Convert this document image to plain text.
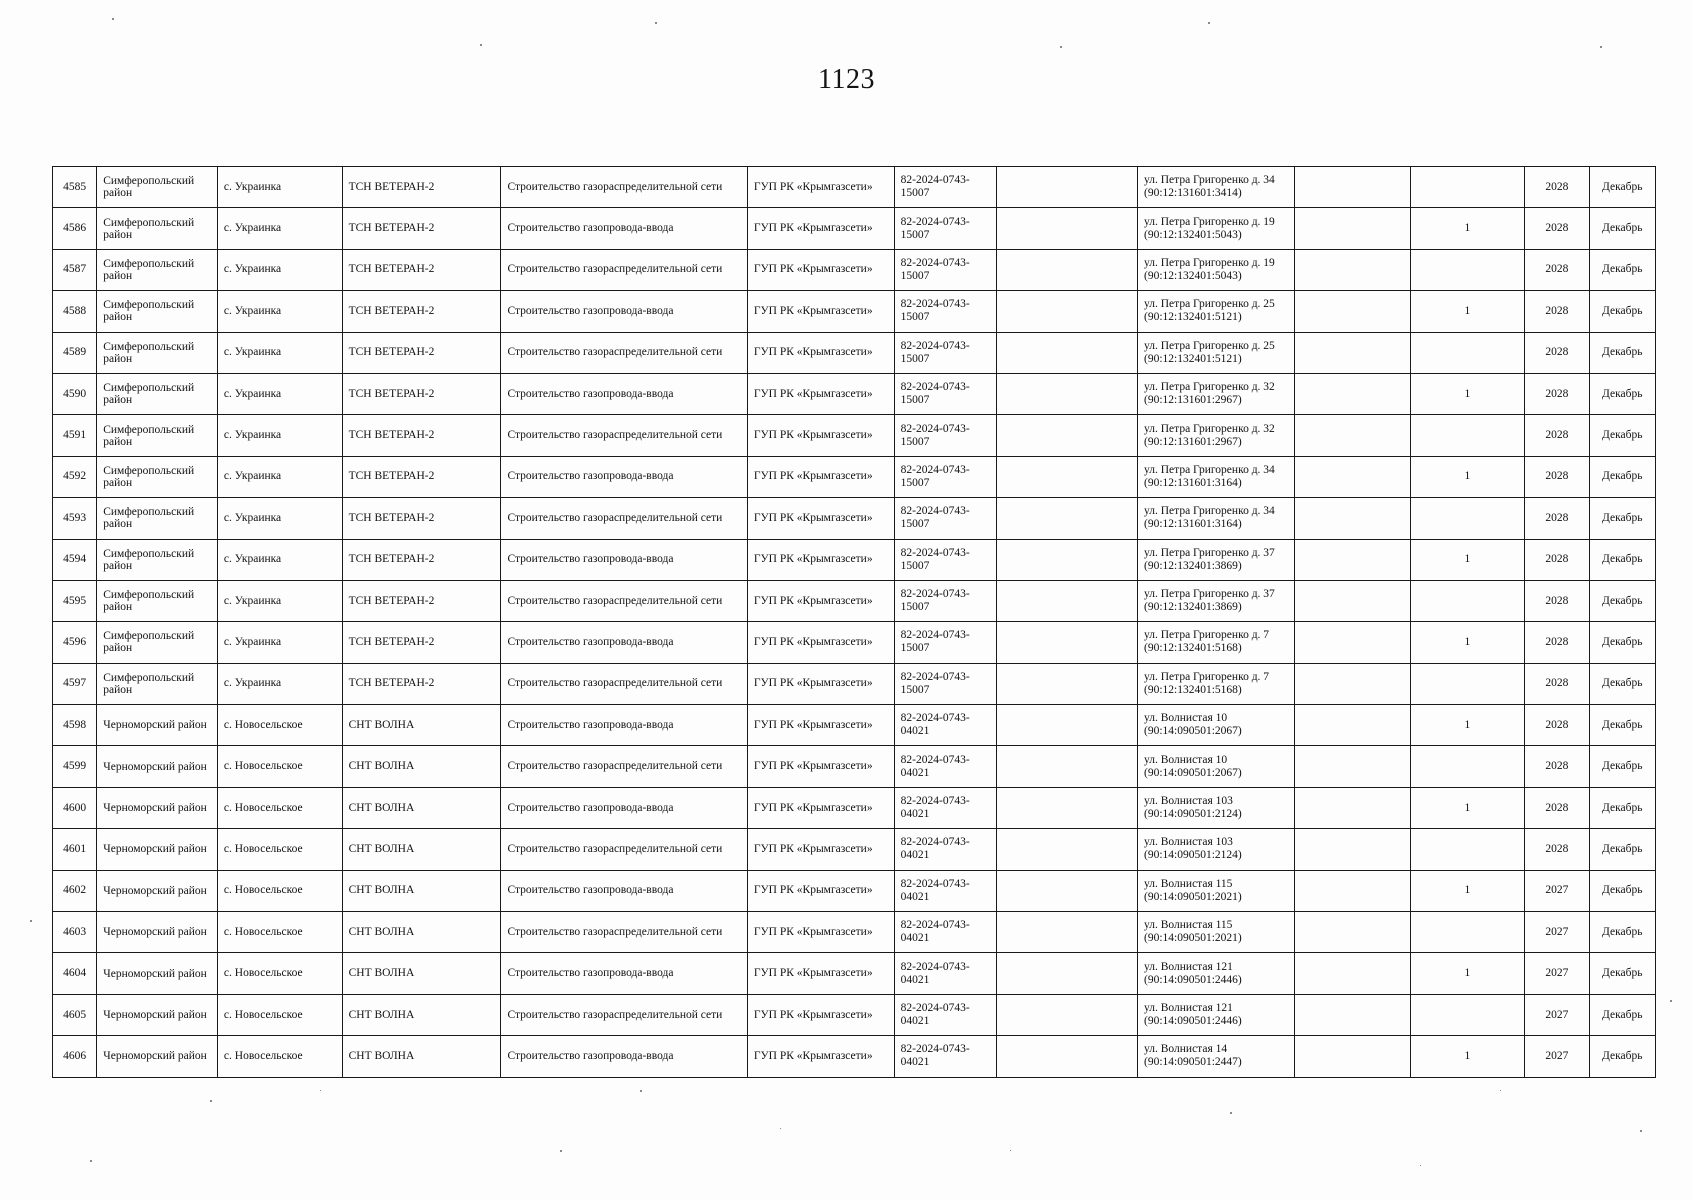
1123
4585	Симферопольский район	с. Украинка	ТСН ВЕТЕРАН-2	Строительство газораспределительной сети	ГУП РК «Крымгазсети»	82-2024-0743-15007		ул. Петра Григоренко д. 34 (90:12:131601:3414)			2028	Декабрь
4586	Симферопольский район	с. Украинка	ТСН ВЕТЕРАН-2	Строительство газопровода-ввода	ГУП РК «Крымгазсети»	82-2024-0743-15007		ул. Петра Григоренко д. 19 (90:12:132401:5043)		1	2028	Декабрь
4587	Симферопольский район	с. Украинка	ТСН ВЕТЕРАН-2	Строительство газораспределительной сети	ГУП РК «Крымгазсети»	82-2024-0743-15007		ул. Петра Григоренко д. 19 (90:12:132401:5043)			2028	Декабрь
4588	Симферопольский район	с. Украинка	ТСН ВЕТЕРАН-2	Строительство газопровода-ввода	ГУП РК «Крымгазсети»	82-2024-0743-15007		ул. Петра Григоренко д. 25 (90:12:132401:5121)		1	2028	Декабрь
4589	Симферопольский район	с. Украинка	ТСН ВЕТЕРАН-2	Строительство газораспределительной сети	ГУП РК «Крымгазсети»	82-2024-0743-15007		ул. Петра Григоренко д. 25 (90:12:132401:5121)			2028	Декабрь
4590	Симферопольский район	с. Украинка	ТСН ВЕТЕРАН-2	Строительство газопровода-ввода	ГУП РК «Крымгазсети»	82-2024-0743-15007		ул. Петра Григоренко д. 32 (90:12:131601:2967)		1	2028	Декабрь
4591	Симферопольский район	с. Украинка	ТСН ВЕТЕРАН-2	Строительство газораспределительной сети	ГУП РК «Крымгазсети»	82-2024-0743-15007		ул. Петра Григоренко д. 32 (90:12:131601:2967)			2028	Декабрь
4592	Симферопольский район	с. Украинка	ТСН ВЕТЕРАН-2	Строительство газопровода-ввода	ГУП РК «Крымгазсети»	82-2024-0743-15007		ул. Петра Григоренко д. 34 (90:12:131601:3164)		1	2028	Декабрь
4593	Симферопольский район	с. Украинка	ТСН ВЕТЕРАН-2	Строительство газораспределительной сети	ГУП РК «Крымгазсети»	82-2024-0743-15007		ул. Петра Григоренко д. 34 (90:12:131601:3164)			2028	Декабрь
4594	Симферопольский район	с. Украинка	ТСН ВЕТЕРАН-2	Строительство газопровода-ввода	ГУП РК «Крымгазсети»	82-2024-0743-15007		ул. Петра Григоренко д. 37 (90:12:132401:3869)		1	2028	Декабрь
4595	Симферопольский район	с. Украинка	ТСН ВЕТЕРАН-2	Строительство газораспределительной сети	ГУП РК «Крымгазсети»	82-2024-0743-15007		ул. Петра Григоренко д. 37 (90:12:132401:3869)			2028	Декабрь
4596	Симферопольский район	с. Украинка	ТСН ВЕТЕРАН-2	Строительство газопровода-ввода	ГУП РК «Крымгазсети»	82-2024-0743-15007		ул. Петра Григоренко д. 7 (90:12:132401:5168)		1	2028	Декабрь
4597	Симферопольский район	с. Украинка	ТСН ВЕТЕРАН-2	Строительство газораспределительной сети	ГУП РК «Крымгазсети»	82-2024-0743-15007		ул. Петра Григоренко д. 7 (90:12:132401:5168)			2028	Декабрь
4598	Черноморский район	с. Новосельское	СНТ ВОЛНА	Строительство газопровода-ввода	ГУП РК «Крымгазсети»	82-2024-0743-04021		ул. Волнистая 10 (90:14:090501:2067)		1	2028	Декабрь
4599	Черноморский район	с. Новосельское	СНТ ВОЛНА	Строительство газораспределительной сети	ГУП РК «Крымгазсети»	82-2024-0743-04021		ул. Волнистая 10 (90:14:090501:2067)			2028	Декабрь
4600	Черноморский район	с. Новосельское	СНТ ВОЛНА	Строительство газопровода-ввода	ГУП РК «Крымгазсети»	82-2024-0743-04021		ул. Волнистая 103 (90:14:090501:2124)		1	2028	Декабрь
4601	Черноморский район	с. Новосельское	СНТ ВОЛНА	Строительство газораспределительной сети	ГУП РК «Крымгазсети»	82-2024-0743-04021		ул. Волнистая 103 (90:14:090501:2124)			2028	Декабрь
4602	Черноморский район	с. Новосельское	СНТ ВОЛНА	Строительство газопровода-ввода	ГУП РК «Крымгазсети»	82-2024-0743-04021		ул. Волнистая 115 (90:14:090501:2021)		1	2027	Декабрь
4603	Черноморский район	с. Новосельское	СНТ ВОЛНА	Строительство газораспределительной сети	ГУП РК «Крымгазсети»	82-2024-0743-04021		ул. Волнистая 115 (90:14:090501:2021)			2027	Декабрь
4604	Черноморский район	с. Новосельское	СНТ ВОЛНА	Строительство газопровода-ввода	ГУП РК «Крымгазсети»	82-2024-0743-04021		ул. Волнистая 121 (90:14:090501:2446)		1	2027	Декабрь
4605	Черноморский район	с. Новосельское	СНТ ВОЛНА	Строительство газораспределительной сети	ГУП РК «Крымгазсети»	82-2024-0743-04021		ул. Волнистая 121 (90:14:090501:2446)			2027	Декабрь
4606	Черноморский район	с. Новосельское	СНТ ВОЛНА	Строительство газопровода-ввода	ГУП РК «Крымгазсети»	82-2024-0743-04021		ул. Волнистая 14 (90:14:090501:2447)		1	2027	Декабрь
